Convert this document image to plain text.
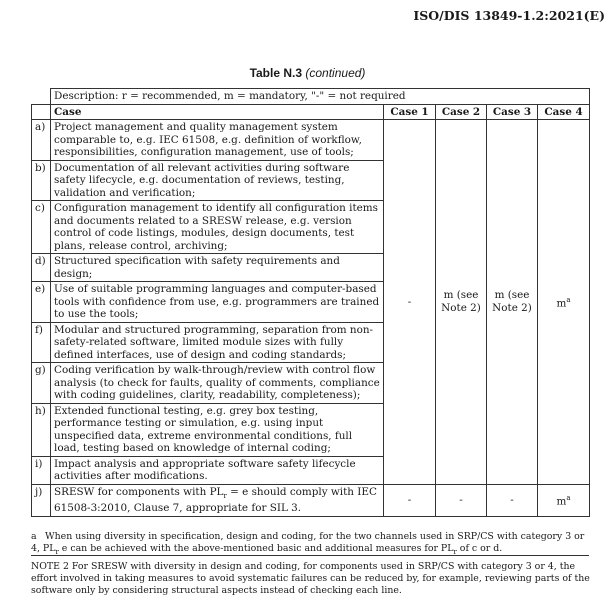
ISO/DIS 13849-1.2:2021(E)
Table N.3 (continued)
	Description: r = recommended, m = mandatory, "-" = not required				
	Case	Case 1	Case 2	Case 3	Case 4
a)	Project management and quality management system comparable to, e.g. IEC 61508, e.g. definition of workflow, responsibilities, configuration management, use of tools;	-	m (see Note 2)	m (see Note 2)	$m^a$
b)	Documentation of all relevant activities during software safety lifecycle, e.g. documentation of reviews, testing, validation and verification;				
c)	Configuration management to identify all configuration items and documents related to a SRESW release, e.g. version control of code listings, modules, design documents, test plans, release control, archiving;				
d)	Structured specification with safety requirements and design;				
e)	Use of suitable programming languages and computer-based tools with confidence from use, e.g. programmers are trained to use the tools;				
f)	Modular and structured programming, separation from non-safety-related software, limited module sizes with fully defined interfaces, use of design and coding standards;				
g)	Coding verification by walk-through/review with control flow analysis (to check for faults, quality of comments, compliance with coding guidelines, clarity, readability, completeness);				
h)	Extended functional testing, e.g. grey box testing, performance testing or simulation, e.g. using input unspecified data, extreme environmental conditions, full load, testing based on knowledge of internal coding;				
i)	Impact analysis and appropriate software safety lifecycle activities after modifications.				
j)	SRESW for components with $PL_r = e$ should comply with IEC 61508-3:2010, Clause 7, appropriate for SIL 3.	-	-	-	$m^a$
a When using diversity in specification, design and coding, for the two channels used in SRP/CS with category 3 or 4, $PL_r$ e can be achieved with the above-mentioned basic and additional measures for $PL_r$ of c or d.
NOTE 2 For SRESW with diversity in design and coding, for components used in SRP/CS with category 3 or 4, the effort involved in taking measures to avoid systematic failures can be reduced by, for example, reviewing parts of the software only by considering structural aspects instead of checking each line.
